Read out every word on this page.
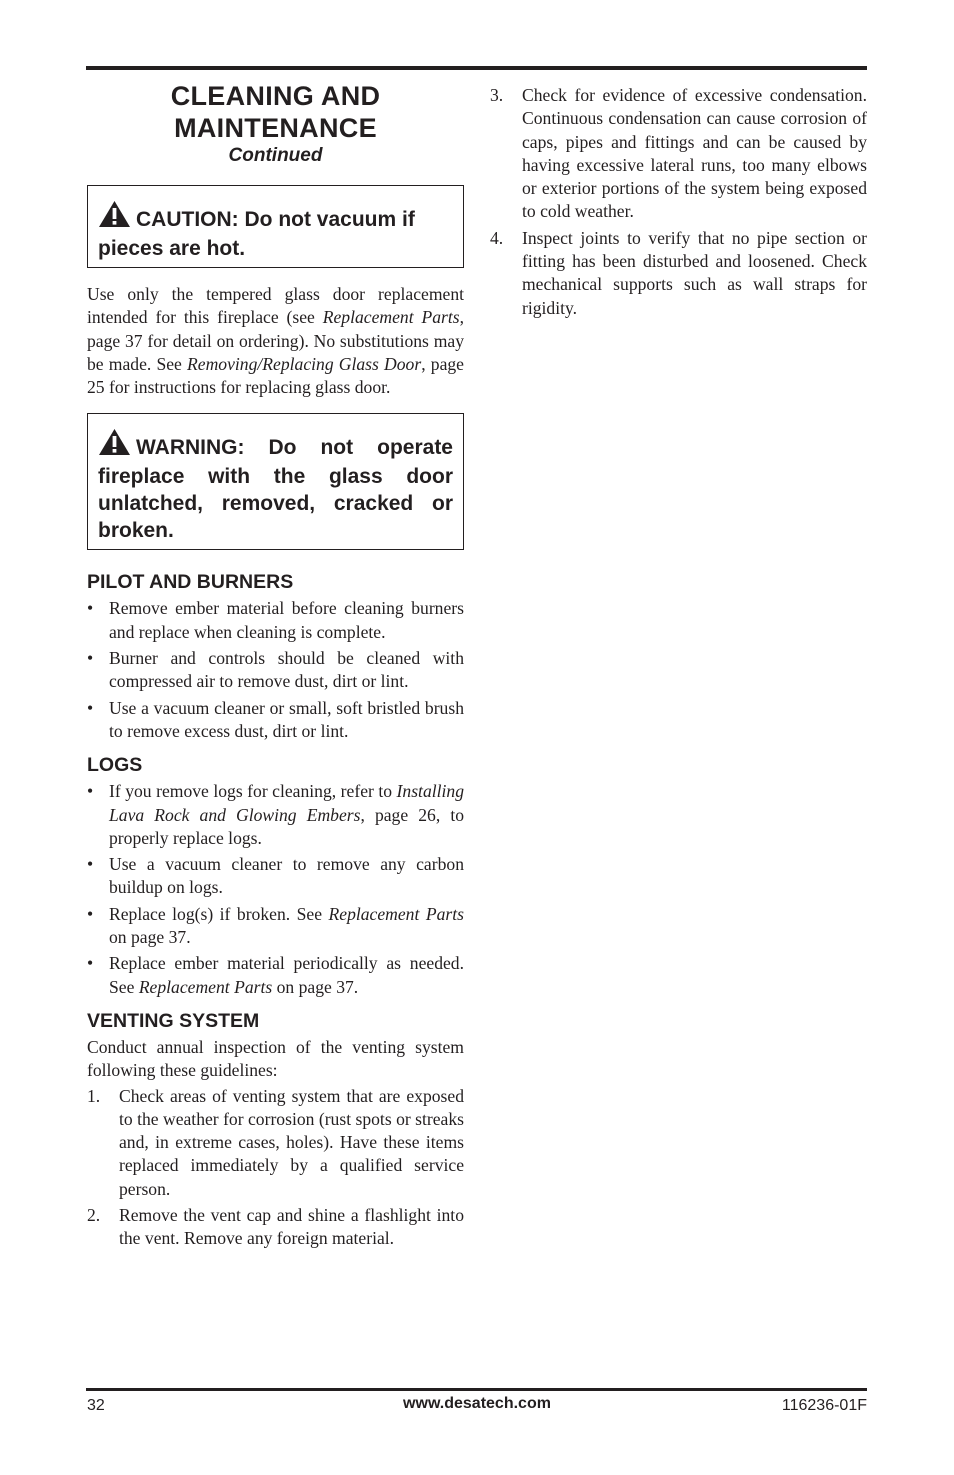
CLEANING AND
MAINTENANCE
Continued
CAUTION: Do not vacuum if pieces are hot.

Use only the tempered glass door replacement intended for this fireplace (see Replacement Parts, page 37 for detail on ordering). No substitutions may be made. See Removing/Replacing Glass Door, page 25 for instructions for replacing glass door.

WARNING: Do not operate fireplace with the glass door unlatched, removed, cracked or broken.
PILOT AND BURNERS
• Remove ember material before cleaning burners and replace when cleaning is complete.
• Burner and controls should be cleaned with compressed air to remove dust, dirt or lint.
• Use a vacuum cleaner or small, soft bristled brush to remove excess dust, dirt or lint.
LOGS
• If you remove logs for cleaning, refer to Installing Lava Rock and Glowing Embers, page 26, to properly replace logs.
• Use a vacuum cleaner to remove any carbon buildup on logs.
• Replace log(s) if broken. See Replacement Parts on page 37.
• Replace ember material periodically as needed. See Replacement Parts on page 37.
VENTING SYSTEM

Conduct annual inspection of the venting system following these guidelines:

1. Check areas of venting system that are exposed to the weather for corrosion (rust spots or streaks and, in extreme cases, holes). Have these items replaced immediately by a qualified service person.
2. Remove the vent cap and shine a flashlight into the vent. Remove any foreign material.
3. Check for evidence of excessive condensation. Continuous condensation can cause corrosion of caps, pipes and fittings and can be caused by having excessive lateral runs, too many elbows or exterior portions of the system being exposed to cold weather.
4. Inspect joints to verify that no pipe section or fitting has been disturbed and loosened. Check mechanical supports such as wall straps for rigidity.
32	www.desatech.com	116236-01F
